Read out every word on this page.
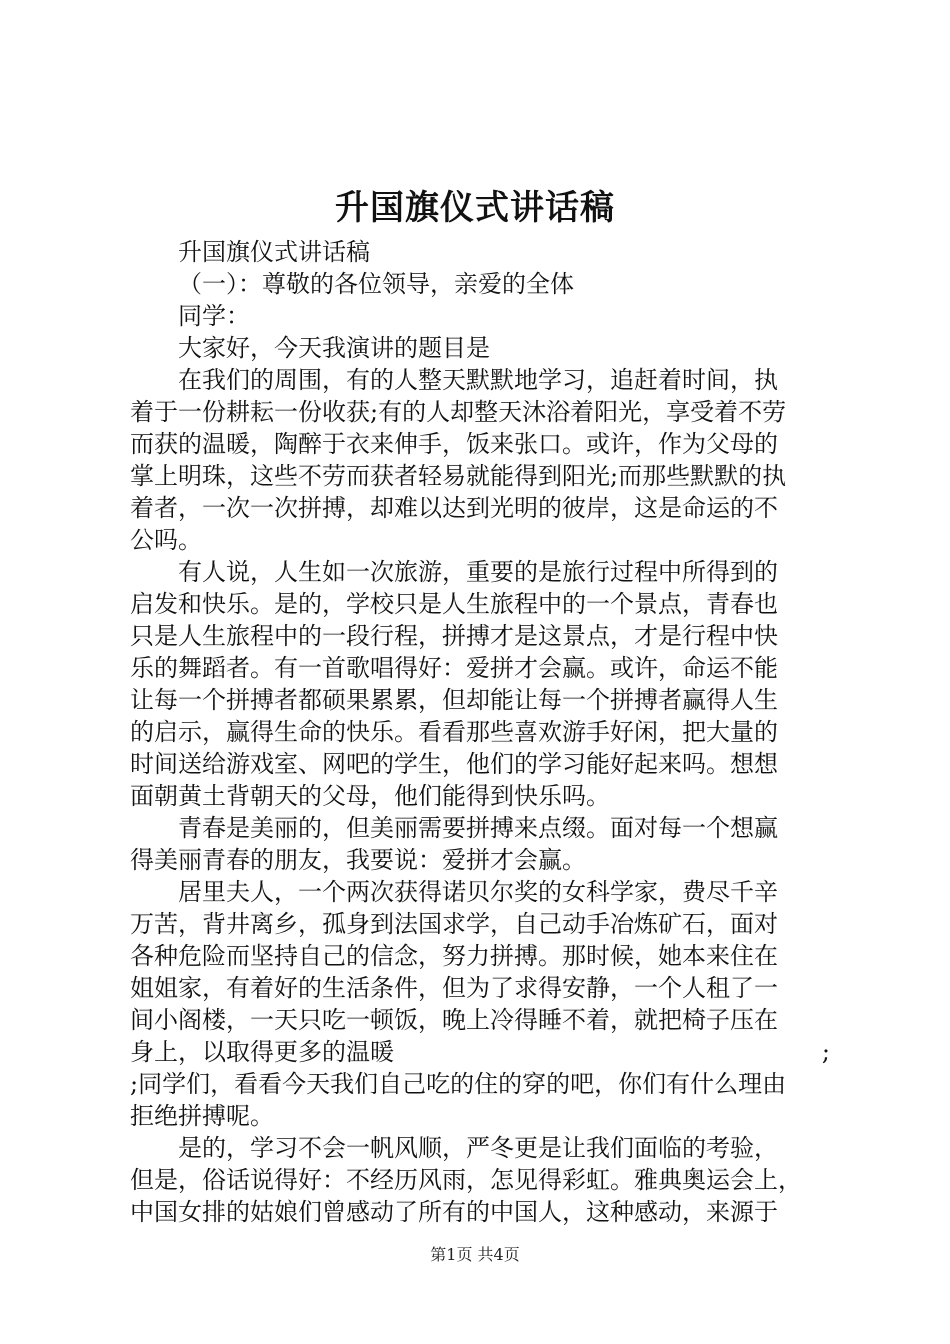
升国旗仪式讲话稿

升国旗仪式讲话稿

（一）：尊敬的各位领导，亲爱的全体

同学：

大家好，今天我演讲的题目是

在我们的周围，有的人整天默默地学习，追赶着时间，执

着于一份耕耘一份收获;有的人却整天沐浴着阳光，享受着不劳

而获的温暖，陶醉于衣来伸手，饭来张口。或许，作为父母的

掌上明珠，这些不劳而获者轻易就能得到阳光;而那些默默的执

着者，一次一次拼搏，却难以达到光明的彼岸，这是命运的不

公吗。

有人说，人生如一次旅游，重要的是旅行过程中所得到的

启发和快乐。是的，学校只是人生旅程中的一个景点，青春也

只是人生旅程中的一段行程，拼搏才是这景点，才是行程中快

乐的舞蹈者。有一首歌唱得好：爱拼才会赢。或许，命运不能

让每一个拼搏者都硕果累累，但却能让每一个拼搏者赢得人生

的启示，赢得生命的快乐。看看那些喜欢游手好闲，把大量的

时间送给游戏室、网吧的学生，他们的学习能好起来吗。想想

面朝黄土背朝天的父母，他们能得到快乐吗。

青春是美丽的，但美丽需要拼搏来点缀。面对每一个想赢

得美丽青春的朋友，我要说：爱拼才会赢。

居里夫人，一个两次获得诺贝尔奖的女科学家，费尽千辛

万苦，背井离乡，孤身到法国求学，自己动手冶炼矿石，面对

各种危险而坚持自己的信念，努力拼搏。那时候，她本来住在

姐姐家，有着好的生活条件，但为了求得安静，一个人租了一

间小阁楼，一天只吃一顿饭，晚上冷得睡不着，就把椅子压在

身上，以取得更多的温暖	;

;同学们，看看今天我们自己吃的住的穿的吧，你们有什么理由

拒绝拼搏呢。

是的，学习不会一帆风顺，严冬更是让我们面临的考验，

但是，俗话说得好：不经历风雨，怎见得彩虹。雅典奥运会上，

中国女排的姑娘们曾感动了所有的中国人，这种感动，来源于

第1页 共4页
